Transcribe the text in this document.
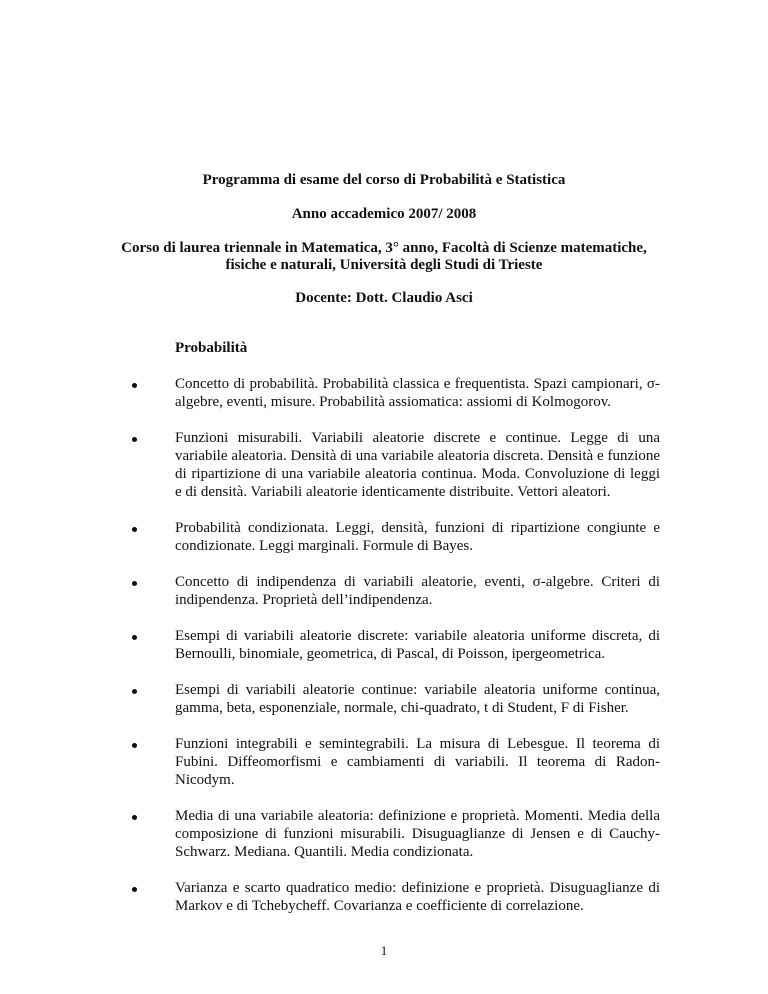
Programma di esame del corso di Probabilità e Statistica
Anno accademico 2007/ 2008
Corso di laurea triennale in Matematica, 3° anno, Facoltà di Scienze matematiche,
fisiche e naturali, Università degli Studi di Trieste
Docente: Dott. Claudio Asci
Probabilità
Concetto di probabilità. Probabilità classica e frequentista. Spazi campionari, σ-algebre, eventi, misure. Probabilità assiomatica: assiomi di Kolmogorov.
Funzioni misurabili. Variabili aleatorie discrete e continue. Legge di una variabile aleatoria. Densità di una variabile aleatoria discreta. Densità e funzione di ripartizione di una variabile aleatoria continua. Moda. Convoluzione di leggi e di densità. Variabili aleatorie identicamente distribuite. Vettori aleatori.
Probabilità condizionata. Leggi, densità, funzioni di ripartizione congiunte e condizionate. Leggi marginali. Formule di Bayes.
Concetto di indipendenza di variabili aleatorie, eventi, σ-algebre. Criteri di indipendenza. Proprietà dell’indipendenza.
Esempi di variabili aleatorie discrete: variabile aleatoria uniforme discreta, di Bernoulli, binomiale, geometrica, di Pascal, di Poisson, ipergeometrica.
Esempi di variabili aleatorie continue: variabile aleatoria uniforme continua, gamma, beta, esponenziale, normale, chi-quadrato, t di Student, F di Fisher.
Funzioni integrabili e semintegrabili. La misura di Lebesgue. Il teorema di Fubini. Diffeomorfismi e cambiamenti di variabili. Il teorema di Radon-Nicodym.
Media di una variabile aleatoria: definizione e proprietà. Momenti. Media della composizione di funzioni misurabili. Disuguaglianze di Jensen e di Cauchy-Schwarz. Mediana. Quantili. Media condizionata.
Varianza e scarto quadratico medio: definizione e proprietà. Disuguaglianze di Markov e di Tchebycheff. Covarianza e coefficiente di correlazione.
1
